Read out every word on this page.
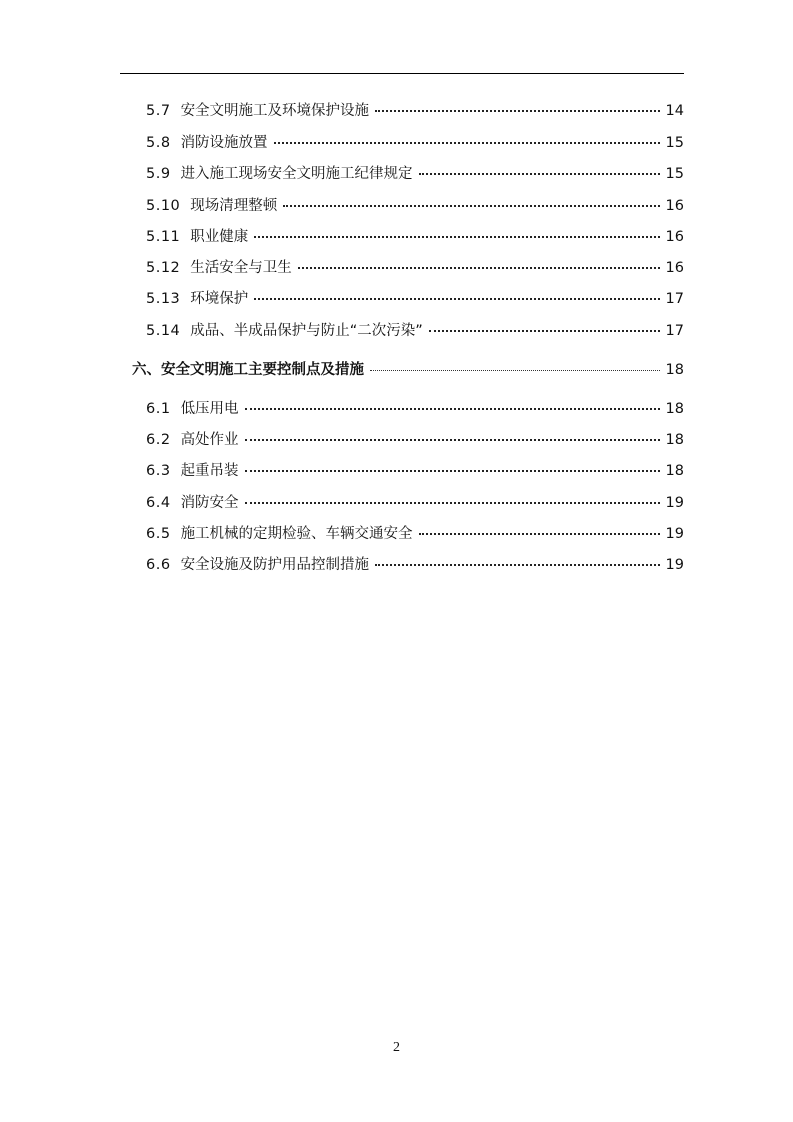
5.7 安全文明施工及环境保护设施	14
5.8 消防设施放置	15
5.9 进入施工现场安全文明施工纪律规定	15
5.10 现场清理整顿	16
5.11 职业健康	16
5.12 生活安全与卫生	16
5.13 环境保护	17
5.14 成品、半成品保护与防止“二次污染”	17
六、安全文明施工主要控制点及措施	18
6.1 低压用电	18
6.2 高处作业	18
6.3 起重吊装	18
6.4 消防安全	19
6.5 施工机械的定期检验、车辆交通安全	19
6.6 安全设施及防护用品控制措施	19
2
